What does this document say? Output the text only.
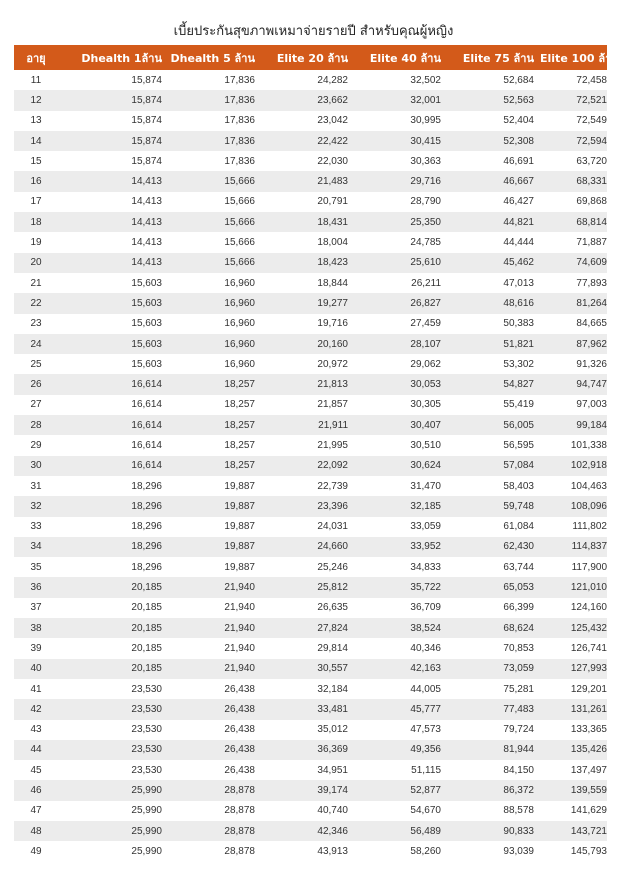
เบี้ยประกันสุขภาพเหมาจ่ายรายปี สำหรับคุณผู้หญิง
อายุ	Dhealth 1ล้าน	Dhealth 5 ล้าน	Elite 20 ล้าน	Elite 40 ล้าน	Elite 75 ล้าน	Elite 100 ล้าน
11	15,874	17,836	24,282	32,502	52,684	72,458
12	15,874	17,836	23,662	32,001	52,563	72,521
13	15,874	17,836	23,042	30,995	52,404	72,549
14	15,874	17,836	22,422	30,415	52,308	72,594
15	15,874	17,836	22,030	30,363	46,691	63,720
16	14,413	15,666	21,483	29,716	46,667	68,331
17	14,413	15,666	20,791	28,790	46,427	69,868
18	14,413	15,666	18,431	25,350	44,821	68,814
19	14,413	15,666	18,004	24,785	44,444	71,887
20	14,413	15,666	18,423	25,610	45,462	74,609
21	15,603	16,960	18,844	26,211	47,013	77,893
22	15,603	16,960	19,277	26,827	48,616	81,264
23	15,603	16,960	19,716	27,459	50,383	84,665
24	15,603	16,960	20,160	28,107	51,821	87,962
25	15,603	16,960	20,972	29,062	53,302	91,326
26	16,614	18,257	21,813	30,053	54,827	94,747
27	16,614	18,257	21,857	30,305	55,419	97,003
28	16,614	18,257	21,911	30,407	56,005	99,184
29	16,614	18,257	21,995	30,510	56,595	101,338
30	16,614	18,257	22,092	30,624	57,084	102,918
31	18,296	19,887	22,739	31,470	58,403	104,463
32	18,296	19,887	23,396	32,185	59,748	108,096
33	18,296	19,887	24,031	33,059	61,084	111,802
34	18,296	19,887	24,660	33,952	62,430	114,837
35	18,296	19,887	25,246	34,833	63,744	117,900
36	20,185	21,940	25,812	35,722	65,053	121,010
37	20,185	21,940	26,635	36,709	66,399	124,160
38	20,185	21,940	27,824	38,524	68,624	125,432
39	20,185	21,940	29,814	40,346	70,853	126,741
40	20,185	21,940	30,557	42,163	73,059	127,993
41	23,530	26,438	32,184	44,005	75,281	129,201
42	23,530	26,438	33,481	45,777	77,483	131,261
43	23,530	26,438	35,012	47,573	79,724	133,365
44	23,530	26,438	36,369	49,356	81,944	135,426
45	23,530	26,438	34,951	51,115	84,150	137,497
46	25,990	28,878	39,174	52,877	86,372	139,559
47	25,990	28,878	40,740	54,670	88,578	141,629
48	25,990	28,878	42,346	56,489	90,833	143,721
49	25,990	28,878	43,913	58,260	93,039	145,793
